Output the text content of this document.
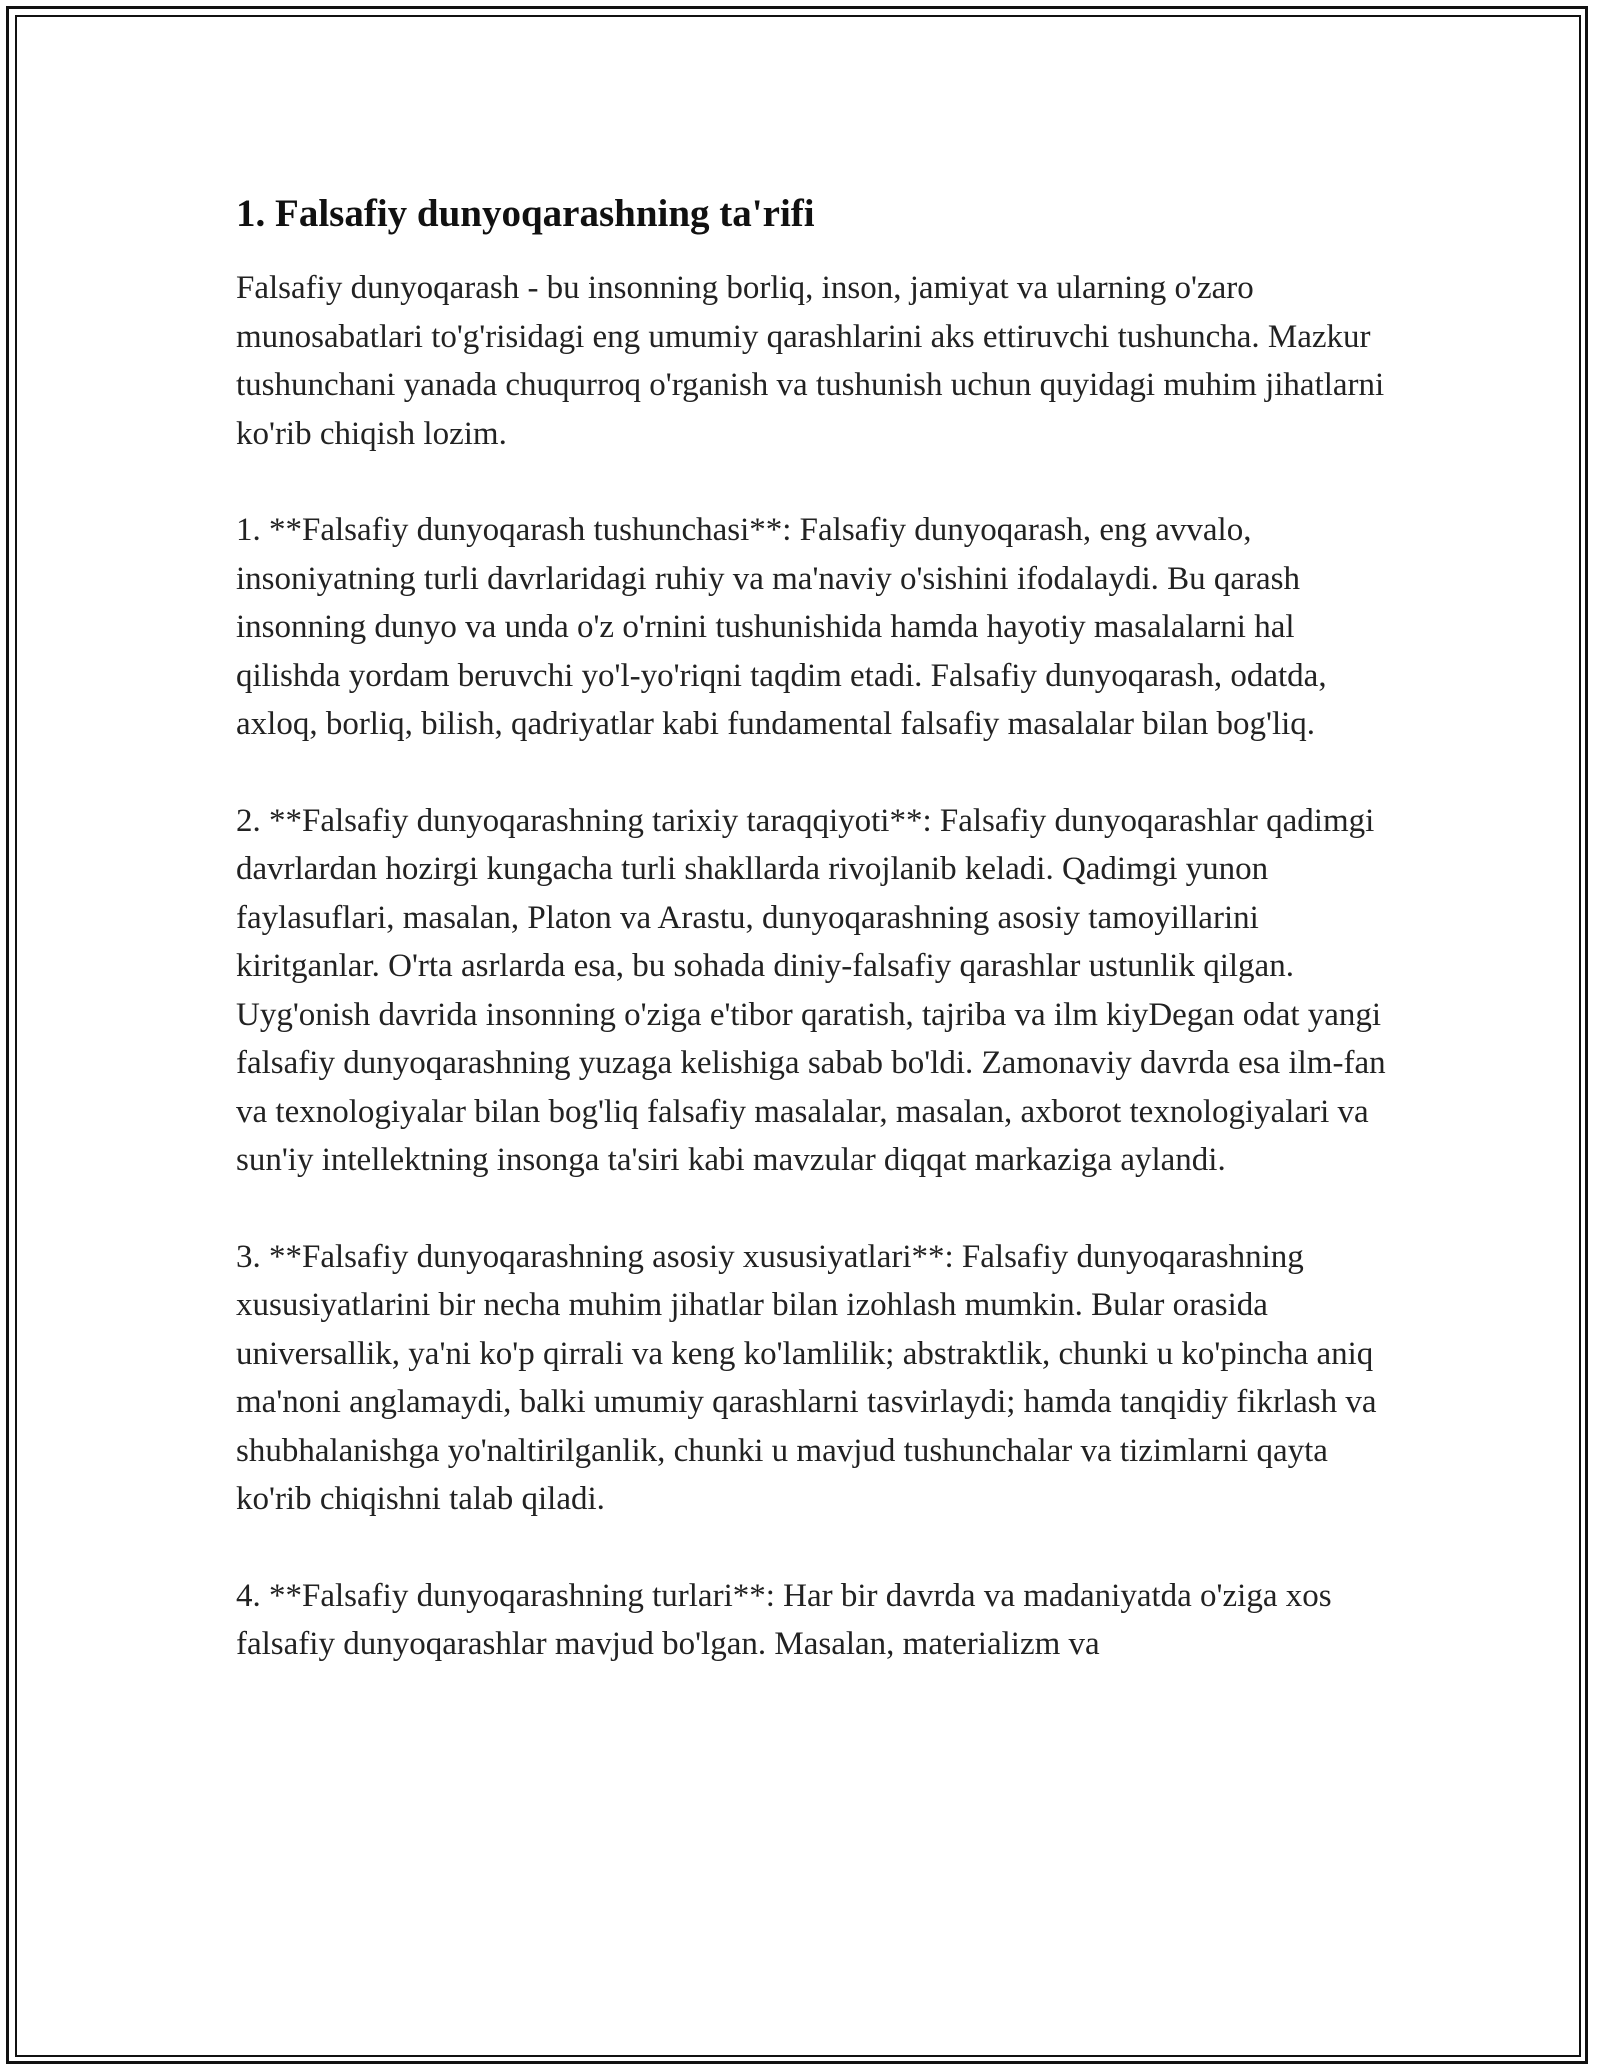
1. Falsafiy dunyoqarashning ta'rifi

Falsafiy dunyoqarash - bu insonning borliq, inson, jamiyat va ularning o'zaro munosabatlari to'g'risidagi eng umumiy qarashlarini aks ettiruvchi tushuncha. Mazkur tushunchani yanada chuqurroq o'rganish va tushunish uchun quyidagi muhim jihatlarni ko'rib chiqish lozim.

1. **Falsafiy dunyoqarash tushunchasi**: Falsafiy dunyoqarash, eng avvalo, insoniyatning turli davrlaridagi ruhiy va ma'naviy o'sishini ifodalaydi. Bu qarash insonning dunyo va unda o'z o'rnini tushunishida hamda hayotiy masalalarni hal qilishda yordam beruvchi yo'l-yo'riqni taqdim etadi. Falsafiy dunyoqarash, odatda, axloq, borliq, bilish, qadriyatlar kabi fundamental falsafiy masalalar bilan bog'liq.

2. **Falsafiy dunyoqarashning tarixiy taraqqiyoti**: Falsafiy dunyoqarashlar qadimgi davrlardan hozirgi kungacha turli shakllarda rivojlanib keladi. Qadimgi yunon faylasuflari, masalan, Platon va Arastu, dunyoqarashning asosiy tamoyillarini kiritganlar. O'rta asrlarda esa, bu sohada diniy-falsafiy qarashlar ustunlik qilgan. Uyg'onish davrida insonning o'ziga e'tibor qaratish, tajriba va ilm kiyDegan odat yangi falsafiy dunyoqarashning yuzaga kelishiga sabab bo'ldi. Zamonaviy davrda esa ilm-fan va texnologiyalar bilan bog'liq falsafiy masalalar, masalan, axborot texnologiyalari va sun'iy intellektning insonga ta'siri kabi mavzular diqqat markaziga aylandi.

3. **Falsafiy dunyoqarashning asosiy xususiyatlari**: Falsafiy dunyoqarashning xususiyatlarini bir necha muhim jihatlar bilan izohlash mumkin. Bular orasida universallik, ya'ni ko'p qirrali va keng ko'lamlilik; abstraktlik, chunki u ko'pincha aniq ma'noni anglamaydi, balki umumiy qarashlarni tasvirlaydi; hamda tanqidiy fikrlash va shubhalanishga yo'naltirilganlik, chunki u mavjud tushunchalar va tizimlarni qayta ko'rib chiqishni talab qiladi.

4. **Falsafiy dunyoqarashning turlari**: Har bir davrda va madaniyatda o'ziga xos falsafiy dunyoqarashlar mavjud bo'lgan. Masalan, materializm va
